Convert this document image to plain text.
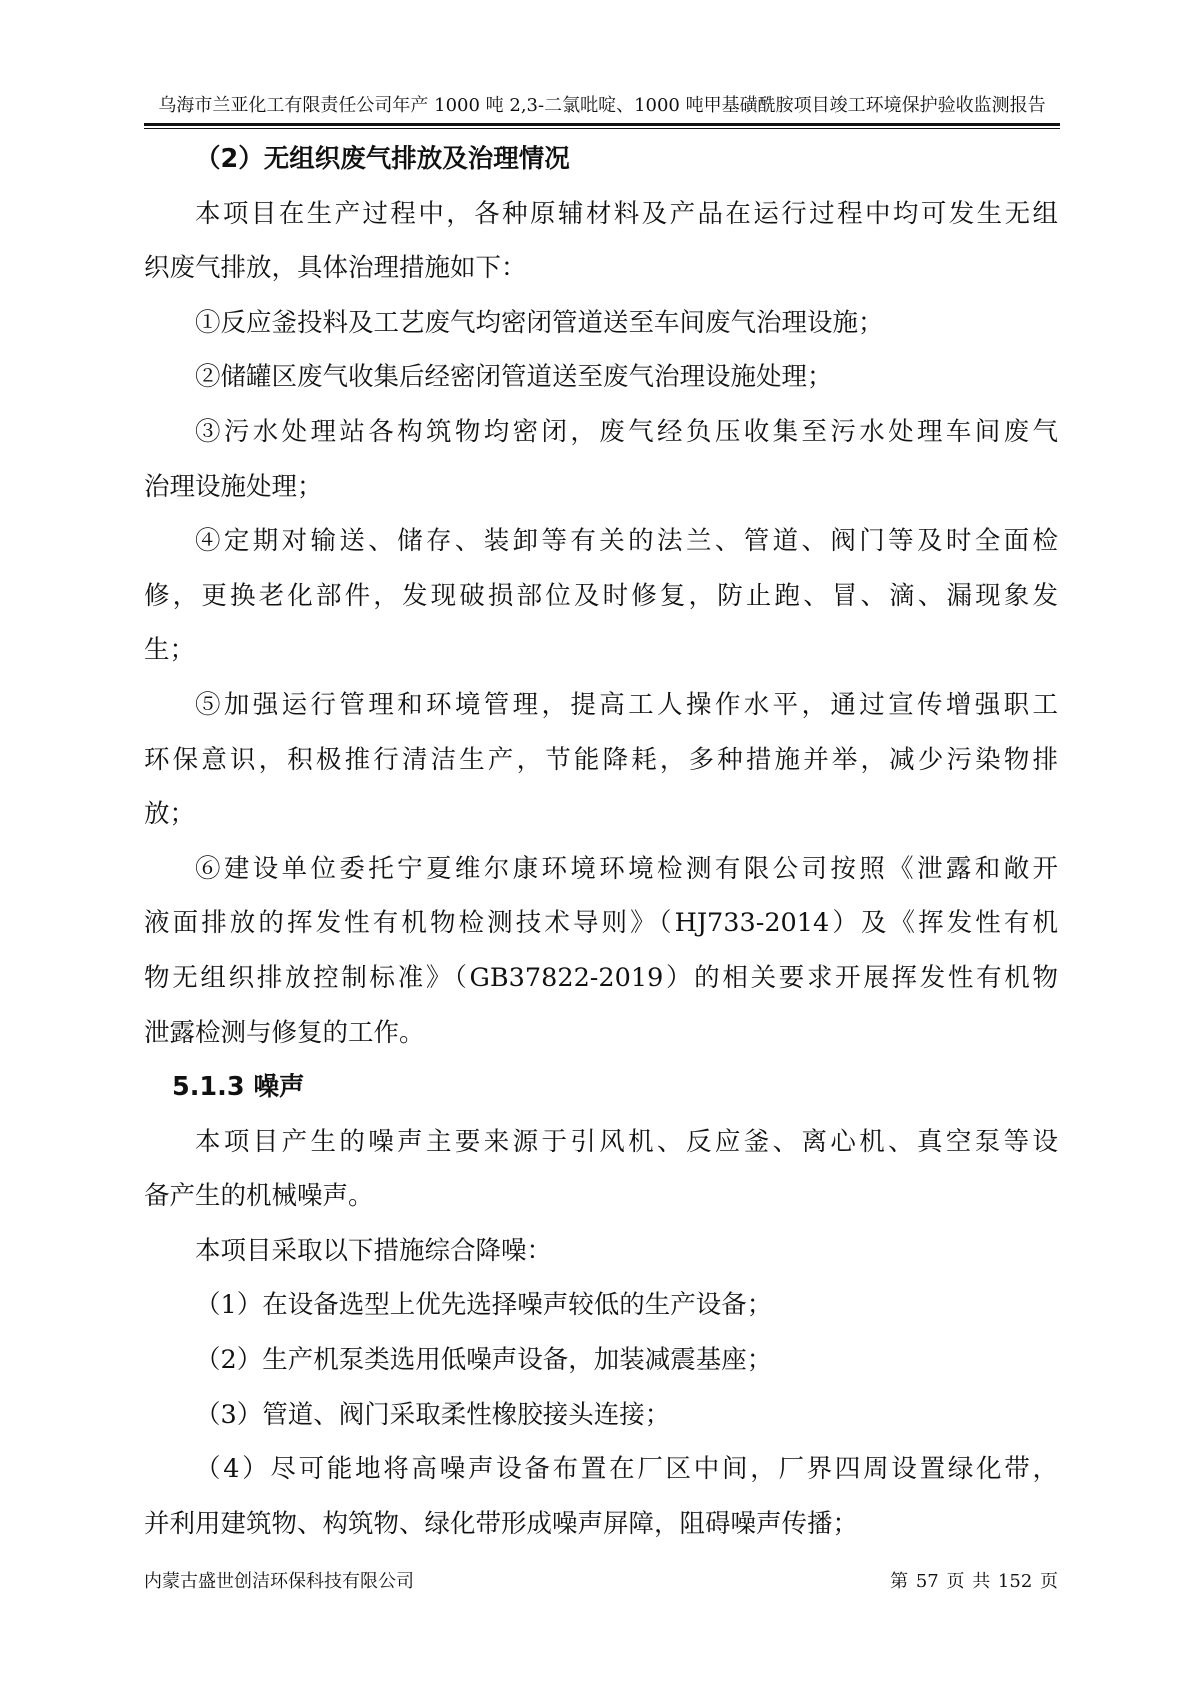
乌海市兰亚化工有限责任公司年产 1000 吨 2,3-二氯吡啶、1000 吨甲基磺酰胺项目竣工环境保护验收监测报告
（2）无组织废气排放及治理情况
本项目在生产过程中，各种原辅材料及产品在运行过程中均可发生无组
织废气排放，具体治理措施如下：
①反应釜投料及工艺废气均密闭管道送至车间废气治理设施；
②储罐区废气收集后经密闭管道送至废气治理设施处理；
③污水处理站各构筑物均密闭，废气经负压收集至污水处理车间废气
治理设施处理；
④定期对输送、储存、装卸等有关的法兰、管道、阀门等及时全面检
修，更换老化部件，发现破损部位及时修复，防止跑、冒、滴、漏现象发
生；
⑤加强运行管理和环境管理，提高工人操作水平，通过宣传增强职工
环保意识，积极推行清洁生产，节能降耗，多种措施并举，减少污染物排
放；
⑥建设单位委托宁夏维尔康环境环境检测有限公司按照《泄露和敞开
液面排放的挥发性有机物检测技术导则》（HJ733-2014）及《挥发性有机
物无组织排放控制标准》（GB37822-2019）的相关要求开展挥发性有机物
泄露检测与修复的工作。
5.1.3 噪声
本项目产生的噪声主要来源于引风机、反应釜、离心机、真空泵等设
备产生的机械噪声。
本项目采取以下措施综合降噪：
（1）在设备选型上优先选择噪声较低的生产设备；
（2）生产机泵类选用低噪声设备，加装减震基座；
（3）管道、阀门采取柔性橡胶接头连接；
（4）尽可能地将高噪声设备布置在厂区中间，厂界四周设置绿化带，
并利用建筑物、构筑物、绿化带形成噪声屏障，阻碍噪声传播；
内蒙古盛世创洁环保科技有限公司	第 57 页 共 152 页
